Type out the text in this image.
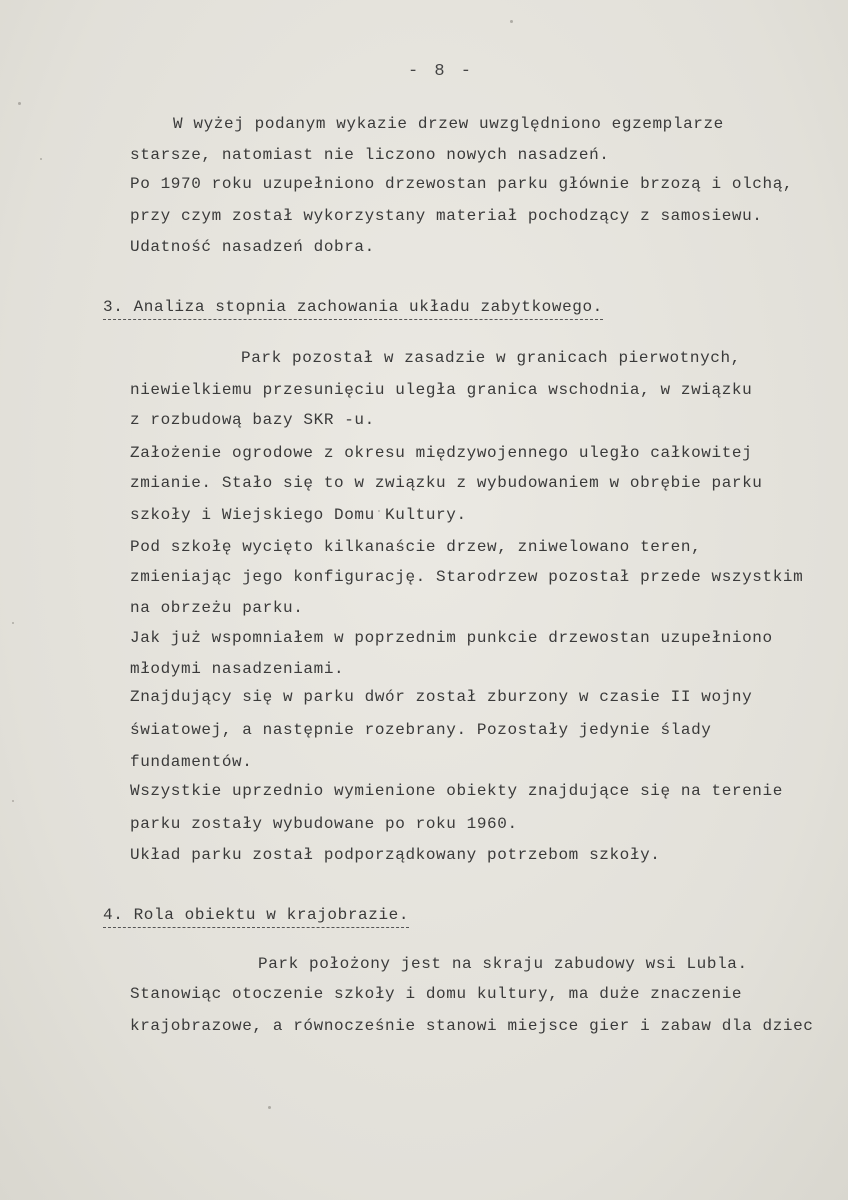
- 8 -
W wyżej podanym wykazie drzew uwzględniono egzemplarze
starsze, natomiast nie liczono nowych nasadzeń.
Po 1970 roku uzupełniono drzewostan parku głównie brzozą i olchą,
przy czym został wykorzystany materiał pochodzący z samosiewu.
Udatność nasadzeń dobra.
3. Analiza stopnia zachowania układu zabytkowego.
Park pozostał w zasadzie w granicach pierwotnych,
niewielkiemu przesunięciu uległa granica wschodnia, w związku
z rozbudową bazy SKR -u.
Założenie ogrodowe z okresu międzywojennego uległo całkowitej
zmianie. Stało się to w związku z wybudowaniem w obrębie parku
szkoły i Wiejskiego Domu Kultury.
Pod szkołę wycięto kilkanaście drzew, zniwelowano teren,
zmieniając jego konfigurację. Starodrzew pozostał przede wszystkim
na obrzeżu parku.
Jak już wspomniałem w poprzednim punkcie drzewostan uzupełniono
młodymi nasadzeniami.
Znajdujący się w parku dwór został zburzony w czasie II wojny
światowej, a następnie rozebrany. Pozostały jedynie ślady
fundamentów.
Wszystkie uprzednio wymienione obiekty znajdujące się na terenie
parku zostały wybudowane po roku 1960.
Układ parku został podporządkowany potrzebom szkoły.
4. Rola obiektu w krajobrazie.
Park położony jest na skraju zabudowy wsi Lubla.
Stanowiąc otoczenie szkoły i domu kultury, ma duże znaczenie
krajobrazowe, a równocześnie stanowi miejsce gier i zabaw dla dziec
